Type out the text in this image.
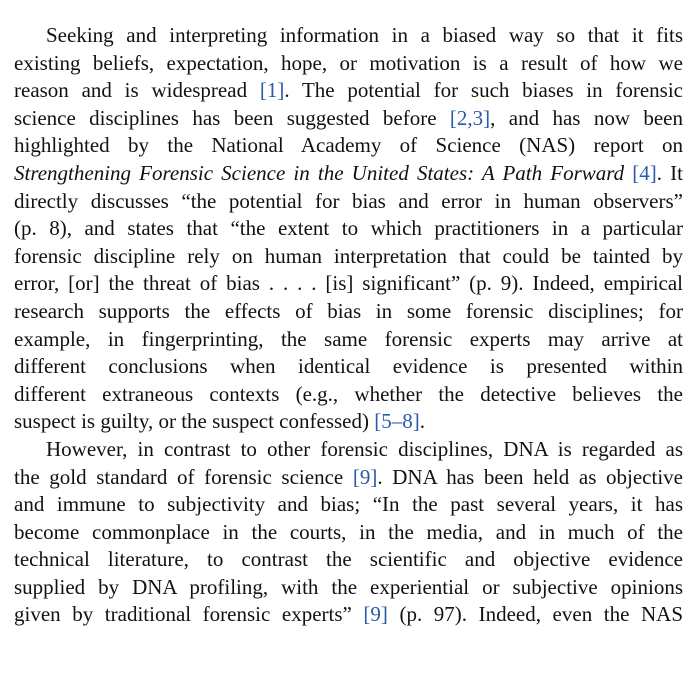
Seeking and interpreting information in a biased way so that it fits
existing beliefs, expectation, hope, or motivation is a result of how we
reason and is widespread [1]. The potential for such biases in forensic
science disciplines has been suggested before [2,3], and has now been
highlighted by the National Academy of Science (NAS) report on
Strengthening Forensic Science in the United States: A Path Forward [4]. It
directly discusses “the potential for bias and error in human observers”
(p. 8), and states that “the extent to which practitioners in a particular
forensic discipline rely on human interpretation that could be tainted by
error, [or] the threat of bias . . . . [is] significant” (p. 9). Indeed, empirical
research supports the effects of bias in some forensic disciplines; for
example, in fingerprinting, the same forensic experts may arrive at
different conclusions when identical evidence is presented within
different extraneous contexts (e.g., whether the detective believes the
suspect is guilty, or the suspect confessed) [5–8].
However, in contrast to other forensic disciplines, DNA is regarded as
the gold standard of forensic science [9]. DNA has been held as objective
and immune to subjectivity and bias; “In the past several years, it has
become commonplace in the courts, in the media, and in much of the
technical literature, to contrast the scientific and objective evidence
supplied by DNA profiling, with the experiential or subjective opinions
given by traditional forensic experts” [9] (p. 97). Indeed, even the NAS
